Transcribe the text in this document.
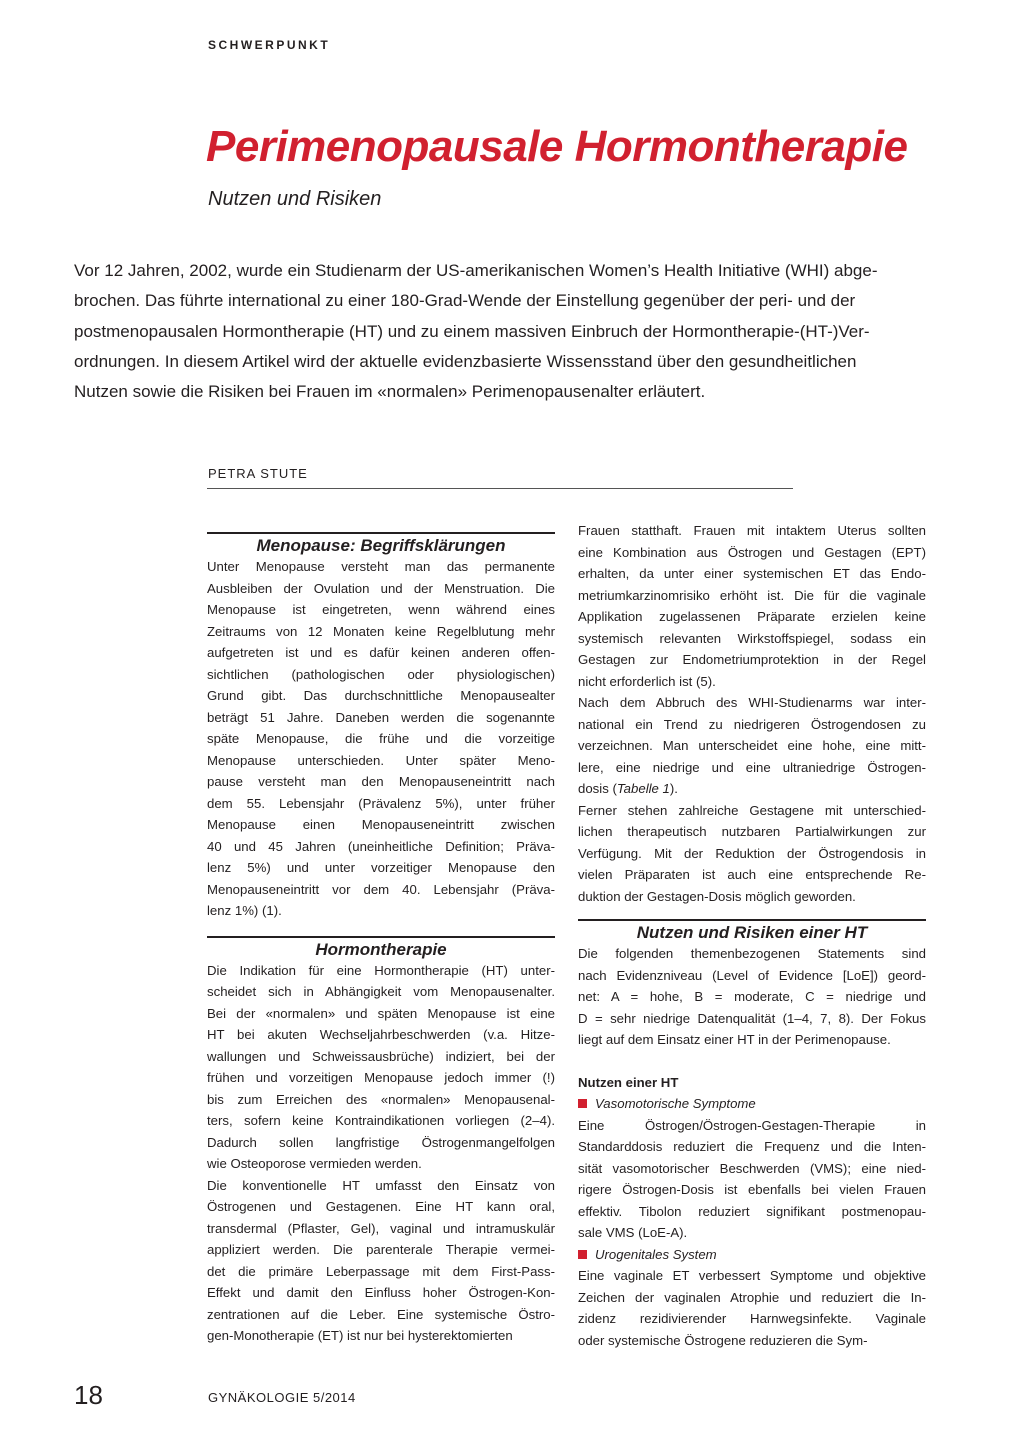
SCHWERPUNKT
Perimenopausale Hormontherapie
Nutzen und Risiken
Vor 12 Jahren, 2002, wurde ein Studienarm der US-amerikanischen Women’s Health Initiative (WHI) abge-
brochen. Das führte international zu einer 180-Grad-Wende der Einstellung gegenüber der peri- und der
postmenopausalen Hormontherapie (HT) und zu einem massiven Einbruch der Hormontherapie-(HT-)Ver-
ordnungen. In diesem Artikel wird der aktuelle evidenzbasierte Wissensstand über den gesundheitlichen
Nutzen sowie die Risiken bei Frauen im «normalen» Perimenopausenalter erläutert.
PETRA STUTE
Menopause: Begriffsklärungen
Unter Menopause versteht man das permanente
Ausbleiben der Ovulation und der Menstruation. Die
Menopause ist eingetreten, wenn während eines
Zeitraums von 12 Monaten keine Regelblutung mehr
aufgetreten ist und es dafür keinen anderen offen-
sichtlichen (pathologischen oder physiologischen)
Grund gibt. Das durchschnittliche Menopausealter
beträgt 51 Jahre. Daneben werden die sogenannte
späte Menopause, die frühe und die vorzeitige
Menopause unterschieden. Unter später Meno-
pause versteht man den Menopauseneintritt nach
dem 55. Lebensjahr (Prävalenz 5%), unter früher
Menopause einen Menopauseneintritt zwischen
40 und 45 Jahren (uneinheitliche Definition; Präva-
lenz 5%) und unter vorzeitiger Menopause den
Menopauseneintritt vor dem 40. Lebensjahr (Präva-
lenz 1%) (1).
Hormontherapie
Die Indikation für eine Hormontherapie (HT) unter-
scheidet sich in Abhängigkeit vom Menopausenalter.
Bei der «normalen» und späten Menopause ist eine
HT bei akuten Wechseljahrbeschwerden (v.a. Hitze-
wallungen und Schweissausbrüche) indiziert, bei der
frühen und vorzeitigen Menopause jedoch immer (!)
bis zum Erreichen des «normalen» Menopausenal-
ters, sofern keine Kontraindikationen vorliegen (2–4).
Dadurch sollen langfristige Östrogenmangelfolgen
wie Osteoporose vermieden werden.
Die konventionelle HT umfasst den Einsatz von
Östrogenen und Gestagenen. Eine HT kann oral,
transdermal (Pflaster, Gel), vaginal und intramuskulär
appliziert werden. Die parenterale Therapie vermei-
det die primäre Leberpassage mit dem First-Pass-
Effekt und damit den Einfluss hoher Östrogen-Kon-
zentrationen auf die Leber. Eine systemische Östro-
gen-Monotherapie (ET) ist nur bei hysterektomierten
Frauen statthaft. Frauen mit intaktem Uterus sollten
eine Kombination aus Östrogen und Gestagen (EPT)
erhalten, da unter einer systemischen ET das Endo-
metriumkarzinomrisiko erhöht ist. Die für die vaginale
Applikation zugelassenen Präparate erzielen keine
systemisch relevanten Wirkstoffspiegel, sodass ein
Gestagen zur Endometriumprotektion in der Regel
nicht erforderlich ist (5).
Nach dem Abbruch des WHI-Studienarms war inter-
national ein Trend zu niedrigeren Östrogendosen zu
verzeichnen. Man unterscheidet eine hohe, eine mitt-
lere, eine niedrige und eine ultraniedrige Östrogen-
dosis (Tabelle 1).
Ferner stehen zahlreiche Gestagene mit unterschied-
lichen therapeutisch nutzbaren Partialwirkungen zur
Verfügung. Mit der Reduktion der Östrogendosis in
vielen Präparaten ist auch eine entsprechende Re-
duktion der Gestagen-Dosis möglich geworden.
Nutzen und Risiken einer HT
Die folgenden themenbezogenen Statements sind
nach Evidenzniveau (Level of Evidence [LoE]) geord-
net: A = hohe, B = moderate, C = niedrige und
D = sehr niedrige Datenqualität (1–4, 7, 8). Der Fokus
liegt auf dem Einsatz einer HT in der Perimenopause.
Nutzen einer HT
Vasomotorische Symptome
Eine Östrogen/Östrogen-Gestagen-Therapie in
Standarddosis reduziert die Frequenz und die Inten-
sität vasomotorischer Beschwerden (VMS); eine nied-
rigere Östrogen-Dosis ist ebenfalls bei vielen Frauen
effektiv. Tibolon reduziert signifikant postmenopau-
sale VMS (LoE-A).
Urogenitales System
Eine vaginale ET verbessert Symptome und objektive
Zeichen der vaginalen Atrophie und reduziert die In-
zidenz rezidivierender Harnwegsinfekte. Vaginale
oder systemische Östrogene reduzieren die Sym-
18	GYNÄKOLOGIE 5/2014
